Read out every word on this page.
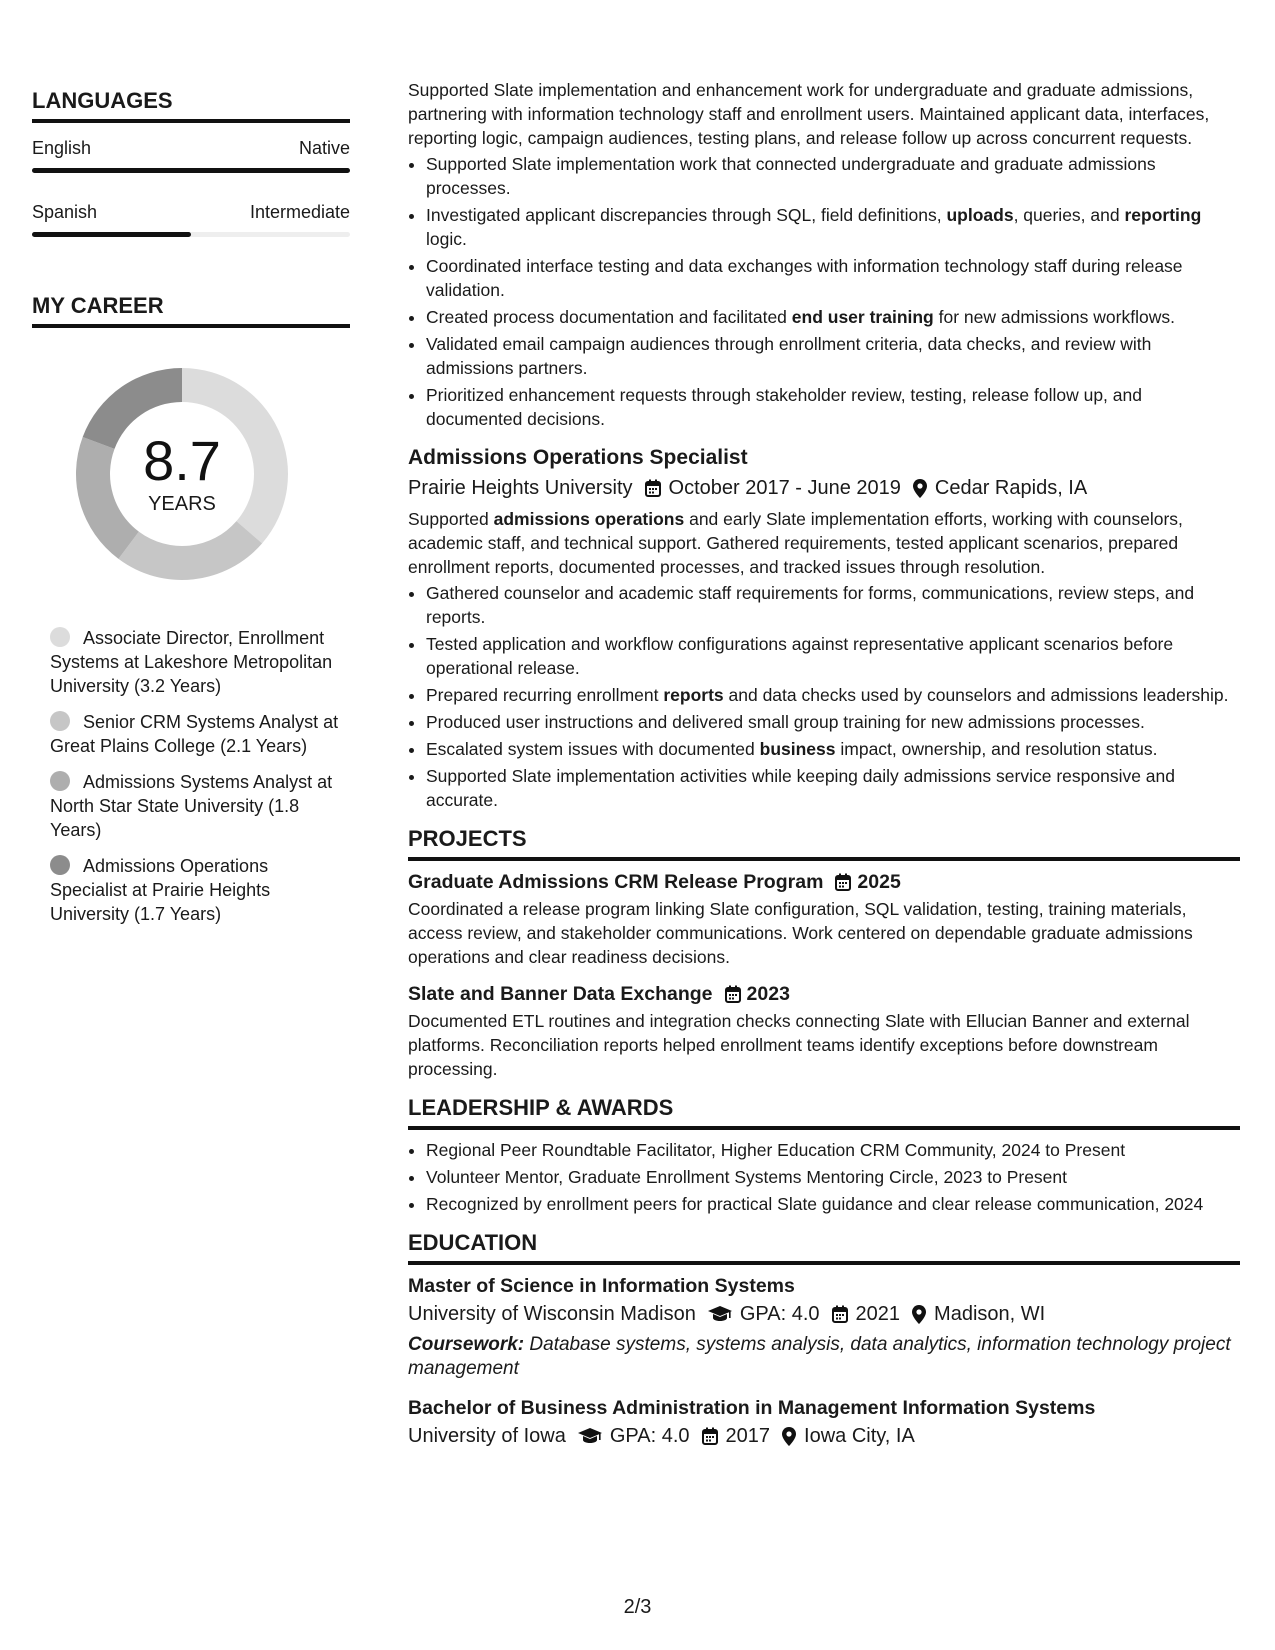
LANGUAGES
English	Native
Spanish	Intermediate
MY CAREER
8.7
YEARS
Associate Director, Enrollment Systems at Lakeshore Metropolitan University (3.2 Years)
Senior CRM Systems Analyst at Great Plains College (2.1 Years)
Admissions Systems Analyst at North Star State University (1.8 Years)
Admissions Operations Specialist at Prairie Heights University (1.7 Years)

Supported Slate implementation and enhancement work for undergraduate and graduate admissions, partnering with information technology staff and enrollment users. Maintained applicant data, interfaces, reporting logic, campaign audiences, testing plans, and release follow up across concurrent requests.

• Supported Slate implementation work that connected undergraduate and graduate admissions processes.
• Investigated applicant discrepancies through SQL, field definitions, uploads, queries, and reporting logic.
• Coordinated interface testing and data exchanges with information technology staff during release validation.
• Created process documentation and facilitated end user training for new admissions workflows.
• Validated email campaign audiences through enrollment criteria, data checks, and review with admissions partners.
• Prioritized enhancement requests through stakeholder review, testing, release follow up, and documented decisions.
Admissions Operations Specialist
Prairie Heights University October 2017 - June 2019 Cedar Rapids, IA

Supported admissions operations and early Slate implementation efforts, working with counselors, academic staff, and technical support. Gathered requirements, tested applicant scenarios, prepared enrollment reports, documented processes, and tracked issues through resolution.

• Gathered counselor and academic staff requirements for forms, communications, review steps, and reports.
• Tested application and workflow configurations against representative applicant scenarios before operational release.
• Prepared recurring enrollment reports and data checks used by counselors and admissions leadership.
• Produced user instructions and delivered small group training for new admissions processes.
• Escalated system issues with documented business impact, ownership, and resolution status.
• Supported Slate implementation activities while keeping daily admissions service responsive and accurate.
PROJECTS
Graduate Admissions CRM Release Program 2025

Coordinated a release program linking Slate configuration, SQL validation, testing, training materials, access review, and stakeholder communications. Work centered on dependable graduate admissions operations and clear readiness decisions.

Slate and Banner Data Exchange 2023

Documented ETL routines and integration checks connecting Slate with Ellucian Banner and external platforms. Reconciliation reports helped enrollment teams identify exceptions before downstream processing.

LEADERSHIP & AWARDS
• Regional Peer Roundtable Facilitator, Higher Education CRM Community, 2024 to Present
• Volunteer Mentor, Graduate Enrollment Systems Mentoring Circle, 2023 to Present
• Recognized by enrollment peers for practical Slate guidance and clear release communication, 2024
EDUCATION
Master of Science in Information Systems
University of Wisconsin Madison GPA: 4.0 2021 Madison, WI
Coursework: Database systems, systems analysis, data analytics, information technology project management
Bachelor of Business Administration in Management Information Systems
University of Iowa GPA: 4.0 2017 Iowa City, IA
2/3
